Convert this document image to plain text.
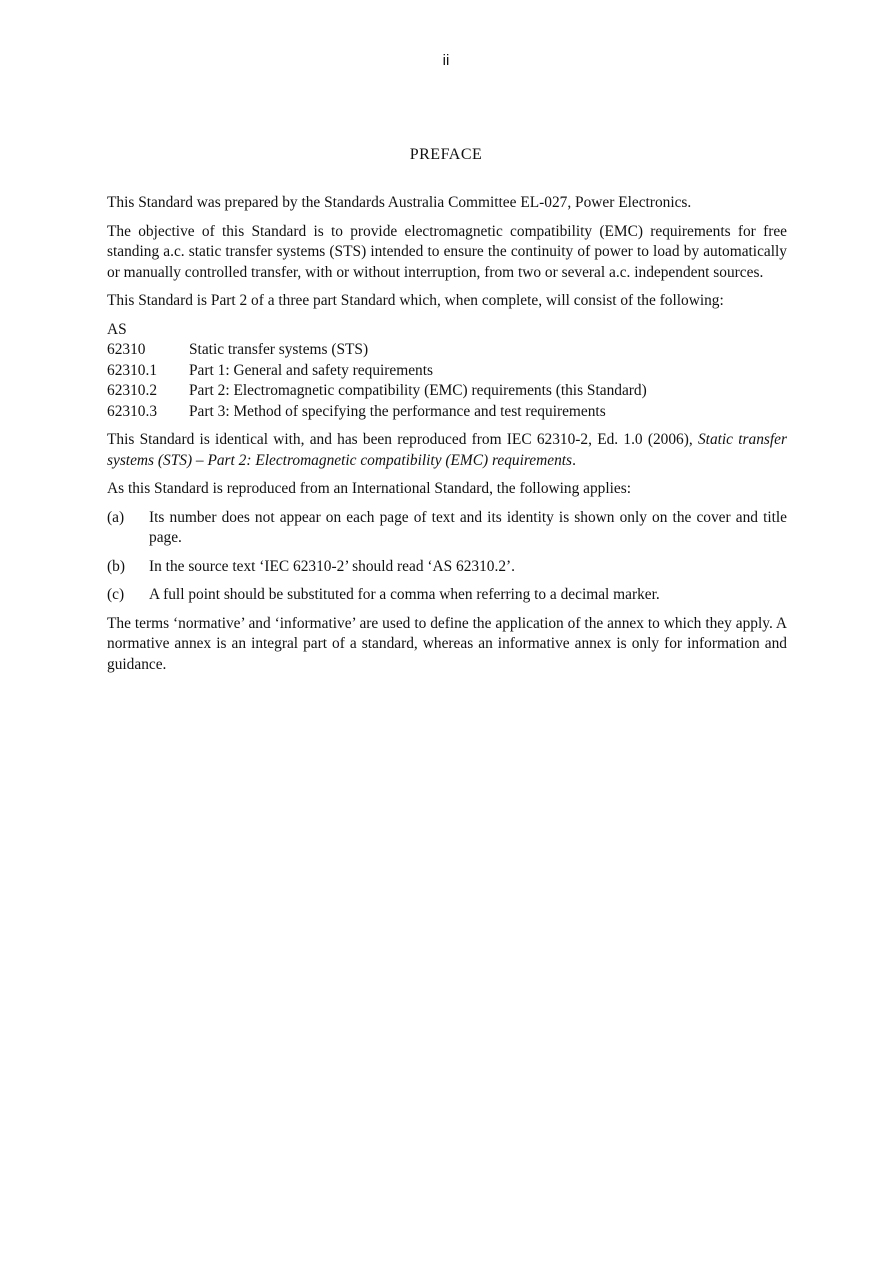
ii
PREFACE

This Standard was prepared by the Standards Australia Committee EL-027, Power Electronics.

The objective of this Standard is to provide electromagnetic compatibility (EMC) requirements for free standing a.c. static transfer systems (STS) intended to ensure the continuity of power to load by automatically or manually controlled transfer, with or without interruption, from two or several a.c. independent sources.

This Standard is Part 2 of a three part Standard which, when complete, will consist of the following:

AS
62310	Static transfer systems (STS)
62310.1	Part 1: General and safety requirements
62310.2	Part 2: Electromagnetic compatibility (EMC) requirements (this Standard)
62310.3	Part 3: Method of specifying the performance and test requirements

This Standard is identical with, and has been reproduced from IEC 62310-2, Ed. 1.0 (2006), Static transfer systems (STS) – Part 2: Electromagnetic compatibility (EMC) requirements.

As this Standard is reproduced from an International Standard, the following applies:

(a)	Its number does not appear on each page of text and its identity is shown only on the cover and title page.
(b)	In the source text ‘IEC 62310-2’ should read ‘AS 62310.2’.
(c)	A full point should be substituted for a comma when referring to a decimal marker.

The terms ‘normative’ and ‘informative’ are used to define the application of the annex to which they apply. A normative annex is an integral part of a standard, whereas an informative annex is only for information and guidance.
